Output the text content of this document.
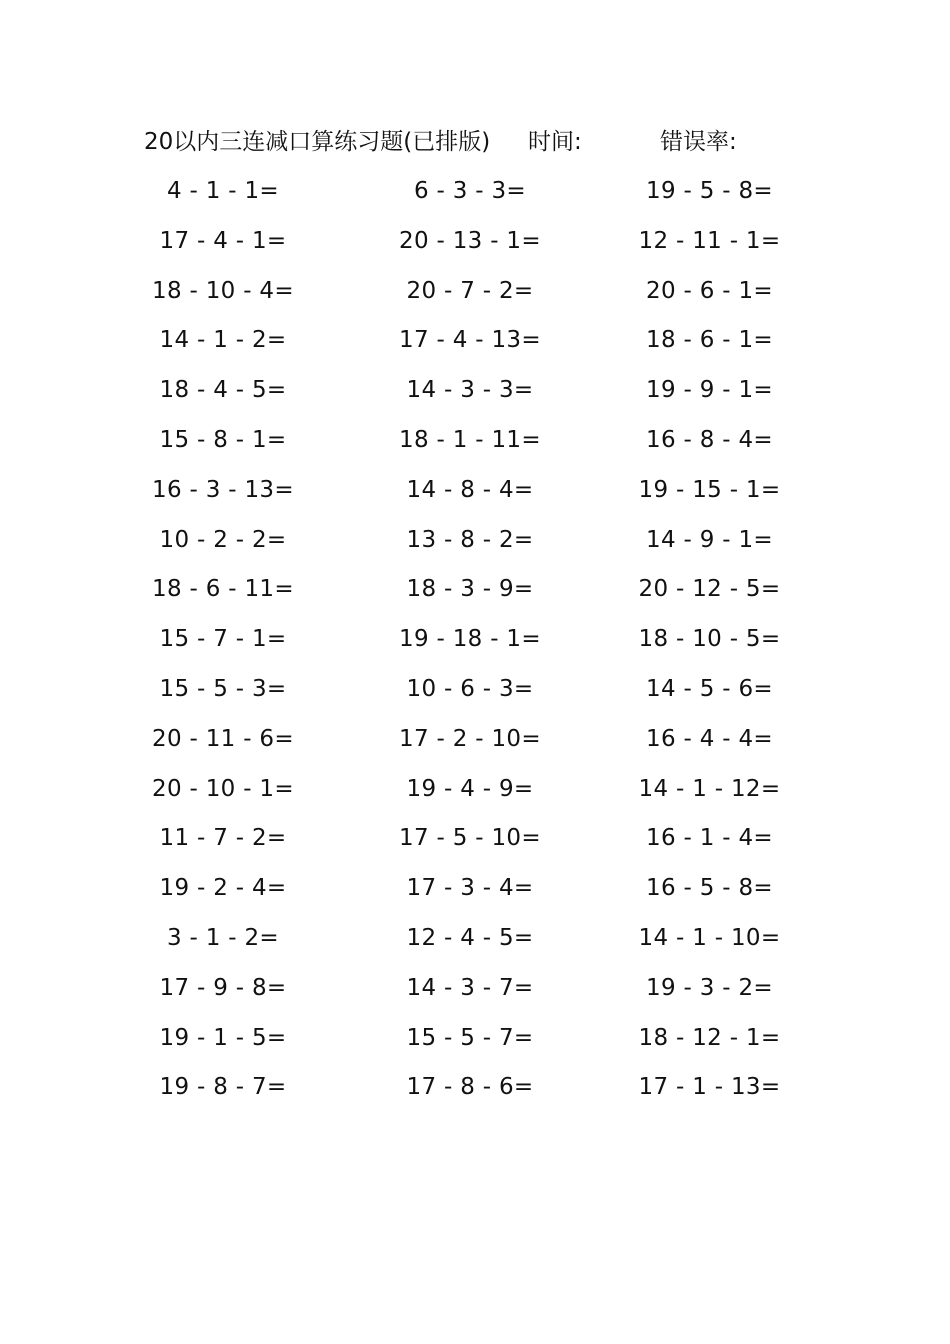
20以内三连减口算练习题(已排版) 时间:	错误率:
4 - 1 - 1=	6 - 3 - 3=	19 - 5 - 8=
17 - 4 - 1=	20 - 13 - 1=	12 - 11 - 1=
18 - 10 - 4=	20 - 7 - 2=	20 - 6 - 1=
14 - 1 - 2=	17 - 4 - 13=	18 - 6 - 1=
18 - 4 - 5=	14 - 3 - 3=	19 - 9 - 1=
15 - 8 - 1=	18 - 1 - 11=	16 - 8 - 4=
16 - 3 - 13=	14 - 8 - 4=	19 - 15 - 1=
10 - 2 - 2=	13 - 8 - 2=	14 - 9 - 1=
18 - 6 - 11=	18 - 3 - 9=	20 - 12 - 5=
15 - 7 - 1=	19 - 18 - 1=	18 - 10 - 5=
15 - 5 - 3=	10 - 6 - 3=	14 - 5 - 6=
20 - 11 - 6=	17 - 2 - 10=	16 - 4 - 4=
20 - 10 - 1=	19 - 4 - 9=	14 - 1 - 12=
11 - 7 - 2=	17 - 5 - 10=	16 - 1 - 4=
19 - 2 - 4=	17 - 3 - 4=	16 - 5 - 8=
3 - 1 - 2=	12 - 4 - 5=	14 - 1 - 10=
17 - 9 - 8=	14 - 3 - 7=	19 - 3 - 2=
19 - 1 - 5=	15 - 5 - 7=	18 - 12 - 1=
19 - 8 - 7=	17 - 8 - 6=	17 - 1 - 13=
